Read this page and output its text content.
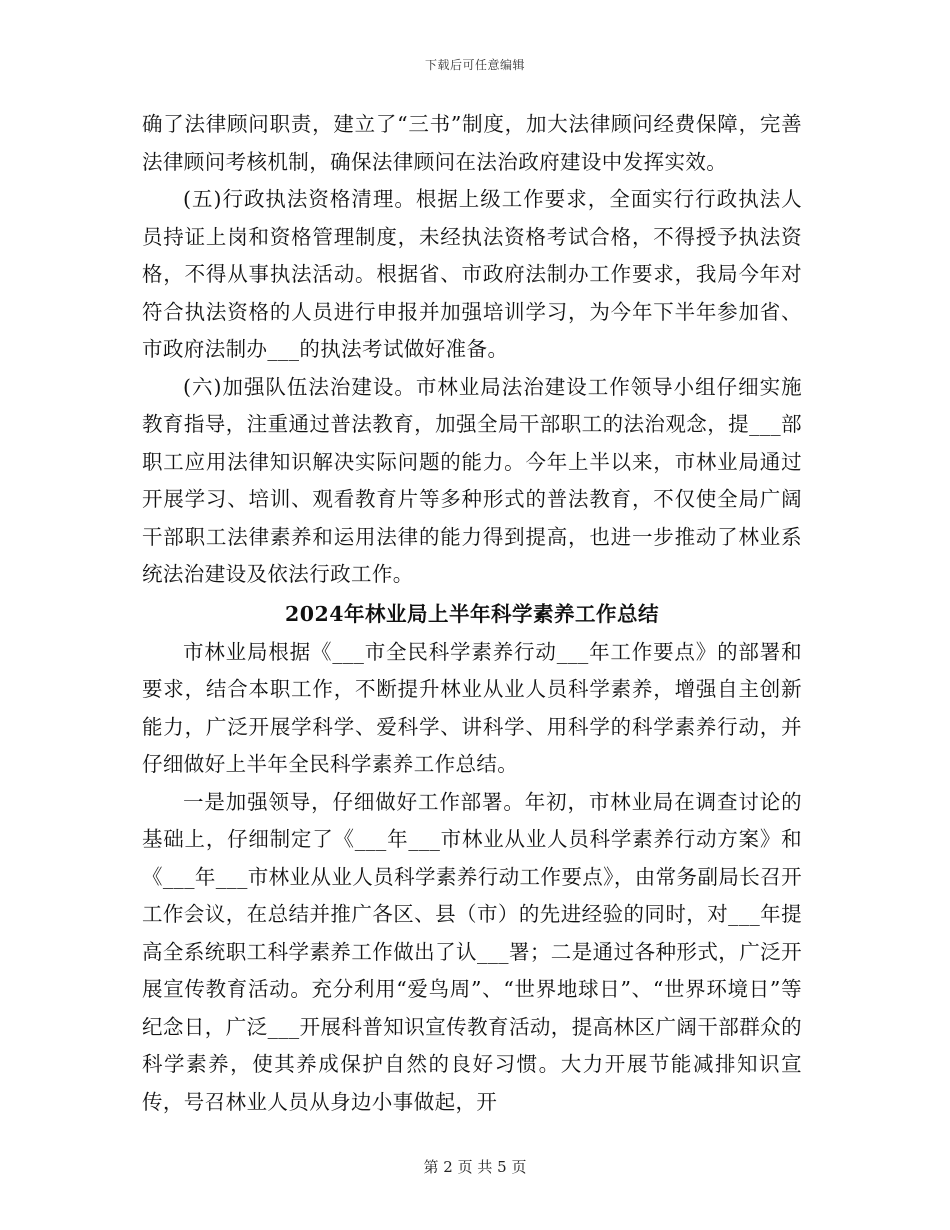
下载后可任意编辑

确了法律顾问职责，建立了“三书”制度，加大法律顾问经费保障，完善法律顾问考核机制，确保法律顾问在法治政府建设中发挥实效。

(五)行政执法资格清理。根据上级工作要求，全面实行行政执法人员持证上岗和资格管理制度，未经执法资格考试合格，不得授予执法资格，不得从事执法活动。根据省、市政府法制办工作要求，我局今年对符合执法资格的人员进行申报并加强培训学习，为今年下半年参加省、市政府法制办___的执法考试做好准备。

(六)加强队伍法治建设。市林业局法治建设工作领导小组仔细实施教育指导，注重通过普法教育，加强全局干部职工的法治观念，提___部职工应用法律知识解决实际问题的能力。今年上半以来，市林业局通过开展学习、培训、观看教育片等多种形式的普法教育，不仅使全局广阔干部职工法律素养和运用法律的能力得到提高，也进一步推动了林业系统法治建设及依法行政工作。

2024年林业局上半年科学素养工作总结

市林业局根据《___市全民科学素养行动___年工作要点》的部署和要求，结合本职工作，不断提升林业从业人员科学素养，增强自主创新能力，广泛开展学科学、爱科学、讲科学、用科学的科学素养行动，并仔细做好上半年全民科学素养工作总结。

一是加强领导，仔细做好工作部署。年初，市林业局在调查讨论的基础上，仔细制定了《___年___市林业从业人员科学素养行动方案》和《___年___市林业从业人员科学素养行动工作要点》，由常务副局长召开工作会议，在总结并推广各区、县（市）的先进经验的同时，对___年提高全系统职工科学素养工作做出了认___署；二是通过各种形式，广泛开展宣传教育活动。充分利用“爱鸟周”、“世界地球日”、“世界环境日”等纪念日，广泛___开展科普知识宣传教育活动，提高林区广阔干部群众的科学素养，使其养成保护自然的良好习惯。大力开展节能减排知识宣传，号召林业人员从身边小事做起，开

第 2 页 共 5 页
